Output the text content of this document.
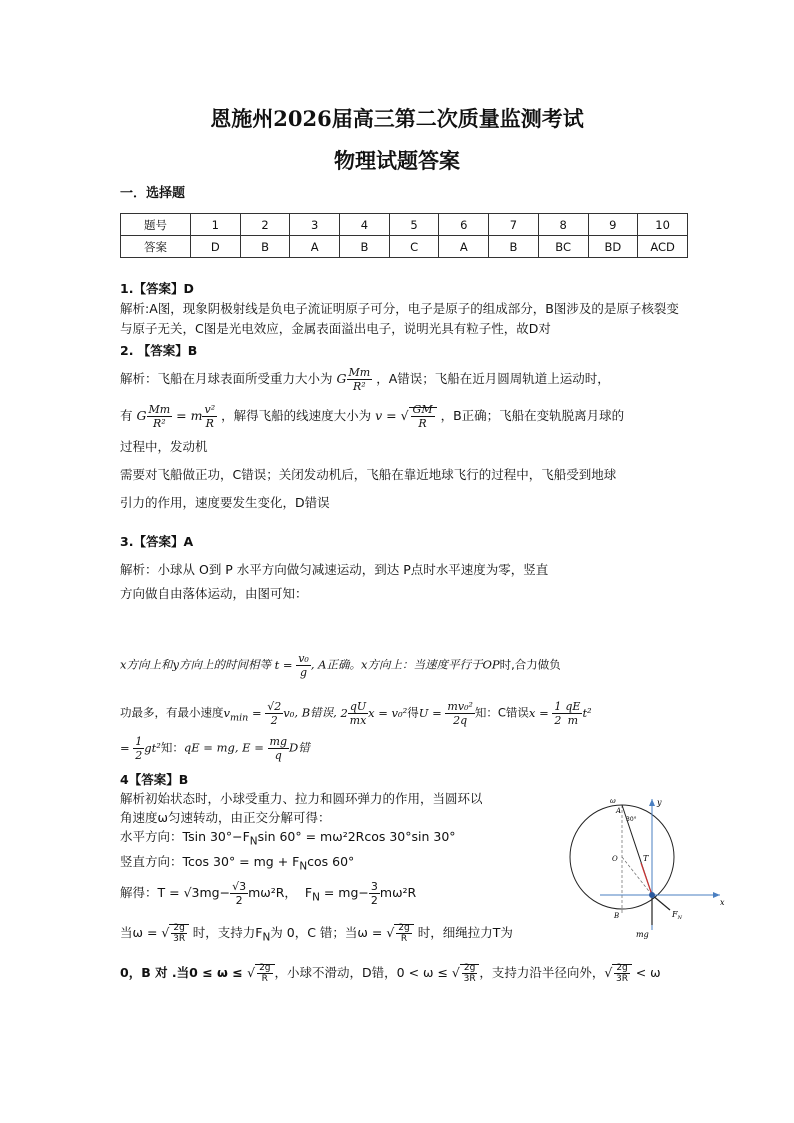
恩施州2026届高三第二次质量监测考试
物理试题答案
一．选择题
题号	1	2	3	4	5	6	7	8	9	10
答案	D	B	A	B	C	A	B	BC	BD	ACD
1.【答案】D
解析:A图，现象阴极射线是负电子流证明原子可分，电子是原子的组成部分，B图涉及的是原子核裂变与原子无关，C图是光电效应，金属表面溢出电子，说明光具有粒子性，故D对
2. 【答案】B
解析：飞船在月球表面所受重力大小为 G $\frac{Mm}{\text{R²}}$ ，A错误；飞船在近月圆周轨道上运动时，
有 G $\frac{Mm}{\text{R²}} = m \frac{\text{v²}}{R}$ ，解得飞船的线速度大小为 v = √ $\frac{GM}{R}$ ，B正确；飞船在变轨脱离月球的
过程中，发动机
需要对飞船做正功，C错误；关闭发动机后，飞船在靠近地球飞行的过程中，飞船受到地球
引力的作用，速度要发生变化，D错误
3.【答案】A
解析：小球从 O到 P 水平方向做匀减速运动，到达 P点时水平速度为零，竖直
方向做自由落体运动，由图可知：
x方向上和y方向上的时间相等 $t = \frac{\text{v₀}}{g}$ , A正确。x方向上：当速度平行于OP时,合力做负
功最多，有最小速度$v_{min} = \frac{√2}{2} v_0$, B错误, $2 \frac{qU}{mx}$ x = v₀²得$U = \frac{\text{mv₀²}}{2q}$ 知：C错误$x = \frac{1}{2} \frac{qE}{m} t^2$
= $\frac{1}{2} gt^2$知：qE = mg, $E = \frac{mg}{q}$ D错
4【答案】B
解析初始状态时，小球受重力、拉力和圆环弹力的作用，当圆环以
角速度ω匀速转动，由正交分解可得：
水平方向：Tsin $30^\circ-F_N\sin$ 60° = mω²2Rcos 30°sin 30°
竖直方向：Tcos 30° = mg + $F_N\cos$ 60°
解得：$T = √3mg- \frac{√3}{2} m\omega^2R$， $F_N = mg- \frac{3}{2} m\omega^2R$
当ω = √ $\frac{2g}{3R}$ 时，支持力$F_N$为 0，C 错；当ω = √ $\frac{2g}{R}$ 时，细绳拉力T为
0，B 对 .当0 ≤ ω ≤ √ $\frac{2g}{R}$ ，小球不滑动，D错，0 < ω ≤ √ $\frac{2g}{3R}$ ，支持力沿半径向外，√ $\frac{2g}{3R} < \omega$
ω
A
30°
O	T
B
x
y
$F_N$
mg
